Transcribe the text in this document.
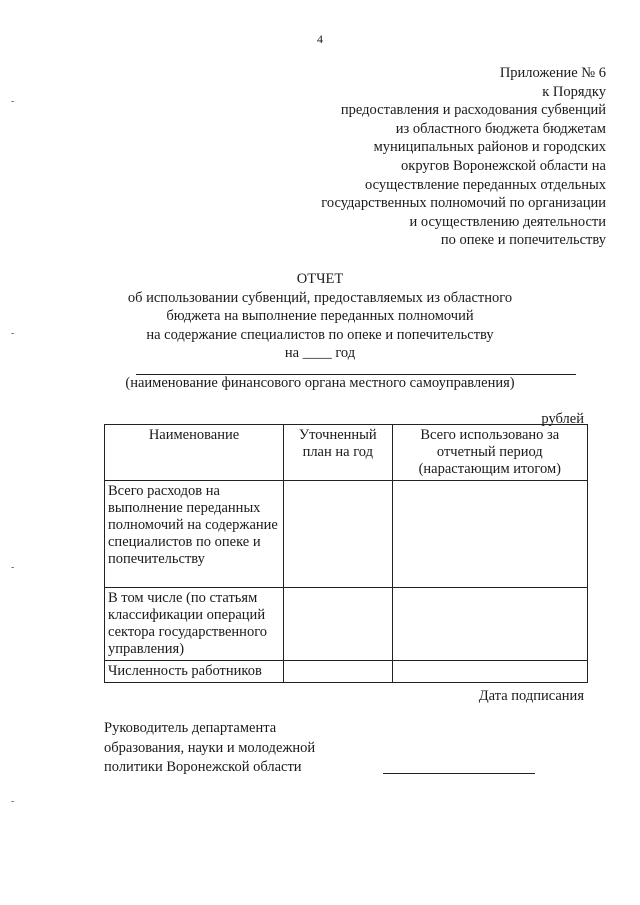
4
Приложение № 6
к Порядку
предоставления и расходования субвенций
из областного бюджета бюджетам
муниципальных районов и городских
округов Воронежской области на
осуществление переданных отдельных
государственных полномочий по организации
и осуществлению деятельности
по опеке и попечительству
ОТЧЕТ
об использовании субвенций, предоставляемых из областного
бюджета на выполнение переданных полномочий
на содержание специалистов по опеке и попечительству
на ____ год
(наименование финансового органа местного самоуправления)
рублей
Наименование	Уточненный план на год	Всего использовано за отчетный период (нарастающим итогом)
Всего расходов на выполнение переданных полномочий на содержание специалистов по опеке и попечительству		
В том числе (по статьям классификации операций сектора государственного управления)		
Численность работников		
Дата подписания
Руководитель департамента
образования, науки и молодежной
политики Воронежской области
-
-
-
-
